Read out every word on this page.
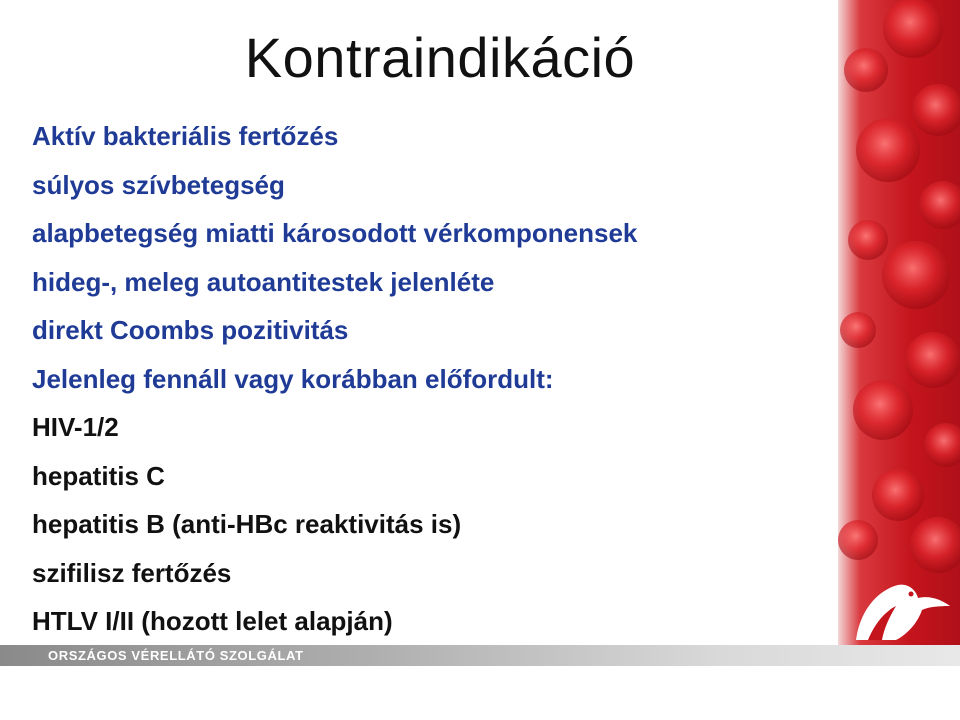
Kontraindikáció
Aktív bakteriális fertőzés
súlyos szívbetegség
alapbetegség miatti károsodott vérkomponensek
hideg-, meleg autoantitestek jelenléte
direkt Coombs pozitivitás
Jelenleg fennáll vagy korábban előfordult:
HIV-1/2
hepatitis C
hepatitis B (anti-HBc reaktivitás is)
szifilisz fertőzés
HTLV I/II (hozott lelet alapján)
ORSZÁGOS VÉRELLÁTÓ SZOLGÁLAT
